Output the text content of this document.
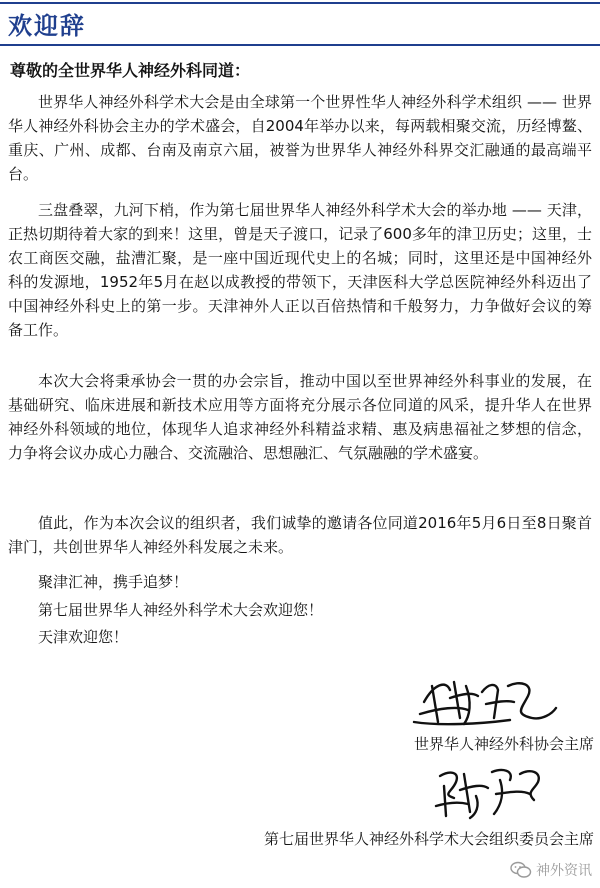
欢迎辞
尊敬的全世界华人神经外科同道：

世界华人神经外科学术大会是由全球第一个世界性华人神经外科学术组织 —— 世界华人神经外科协会主办的学术盛会，自2004年举办以来，每两载相聚交流，历经博鳌、重庆、广州、成都、台南及南京六届，被誉为世界华人神经外科界交汇融通的最高端平台。

三盘叠翠，九河下梢，作为第七届世界华人神经外科学术大会的举办地 —— 天津，正热切期待着大家的到来！这里，曾是天子渡口，记录了600多年的津卫历史；这里，士农工商医交融，盐漕汇聚，是一座中国近现代史上的名城；同时，这里还是中国神经外科的发源地，1952年5月在赵以成教授的带领下，天津医科大学总医院神经外科迈出了中国神经外科史上的第一步。天津神外人正以百倍热情和千般努力，力争做好会议的筹备工作。

本次大会将秉承协会一贯的办会宗旨，推动中国以至世界神经外科事业的发展，在基础研究、临床进展和新技术应用等方面将充分展示各位同道的风采，提升华人在世界神经外科领域的地位，体现华人追求神经外科精益求精、惠及病患福祉之梦想的信念，力争将会议办成心力融合、交流融洽、思想融汇、气氛融融的学术盛宴。

值此，作为本次会议的组织者，我们诚挚的邀请各位同道2016年5月6日至8日聚首津门，共创世界华人神经外科发展之未来。

聚津汇神，携手追梦！
第七届世界华人神经外科学术大会欢迎您！
天津欢迎您！
世界华人神经外科协会主席
第七届世界华人神经外科学术大会组织委员会主席
神外资讯
